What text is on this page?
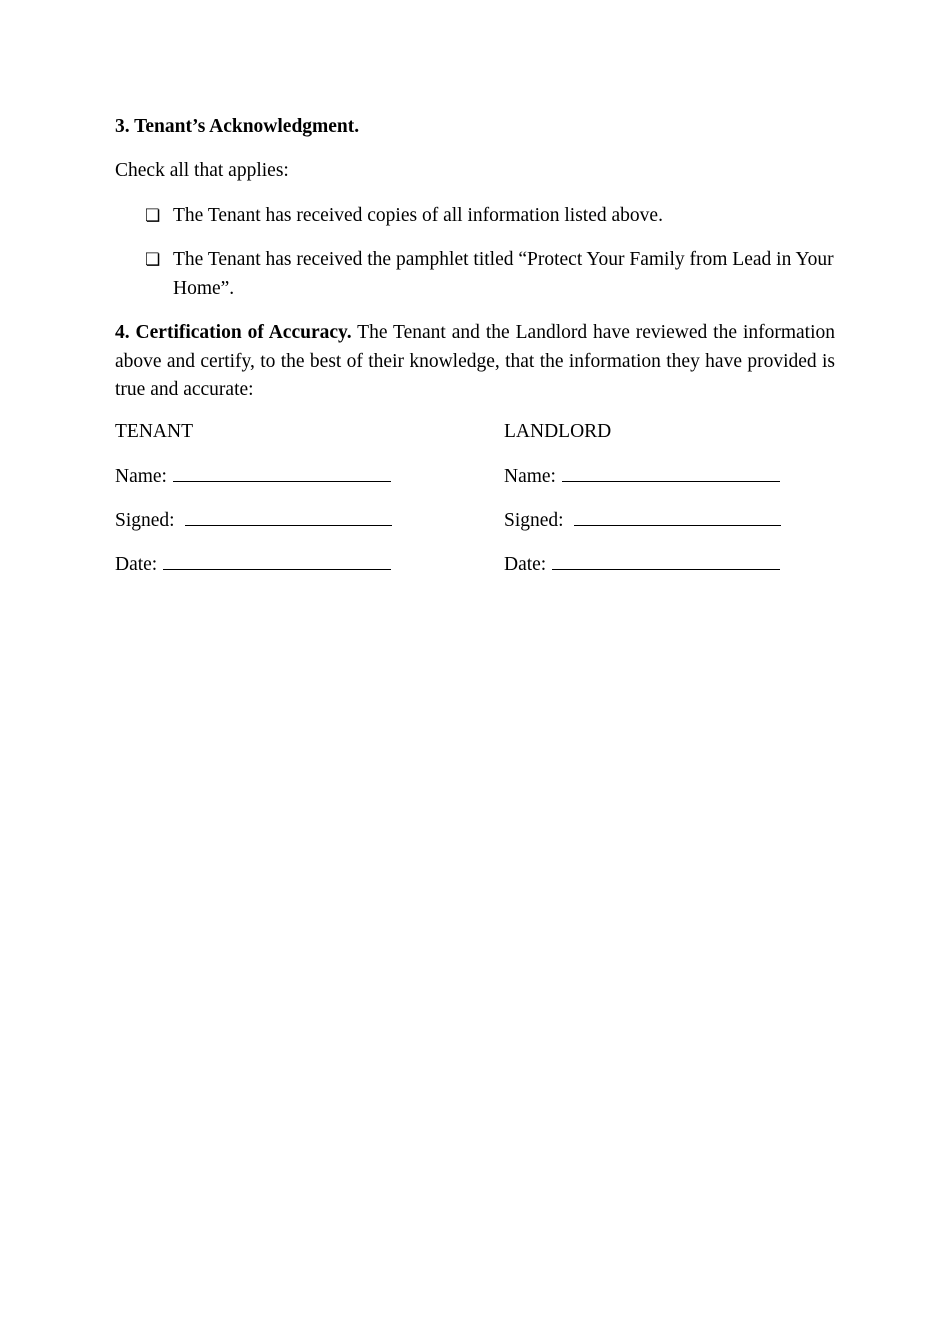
3. Tenant’s Acknowledgment.
Check all that applies:
❏ The Tenant has received copies of all information listed above.
❏ The Tenant has received the pamphlet titled “Protect Your Family from Lead in Your Home”.
4. Certification of Accuracy. The Tenant and the Landlord have reviewed the information above and certify, to the best of their knowledge, that the information they have provided is true and accurate:
TENANT
Name:
Signed:
Date:
LANDLORD
Name:
Signed:
Date:
